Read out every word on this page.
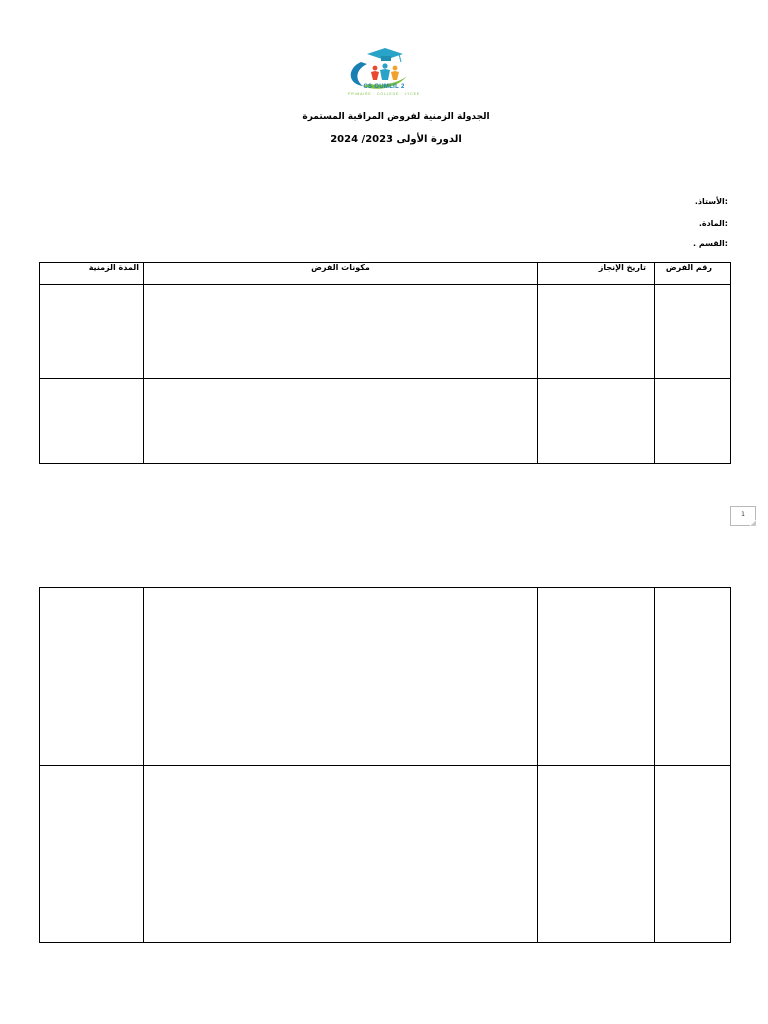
CS OUMLIL 2
PRIMAIRE · COLLEGE · LYCEE
الجدولة الزمنية لفروض المراقبة المستمرة
الدورة الأولى 2023/ 2024
:الأستاذ.
:المادة.
:القسم .
المدة الزمنية	مكونات الفرض	تاريخ الإنجاز	رقم الفرض

1
